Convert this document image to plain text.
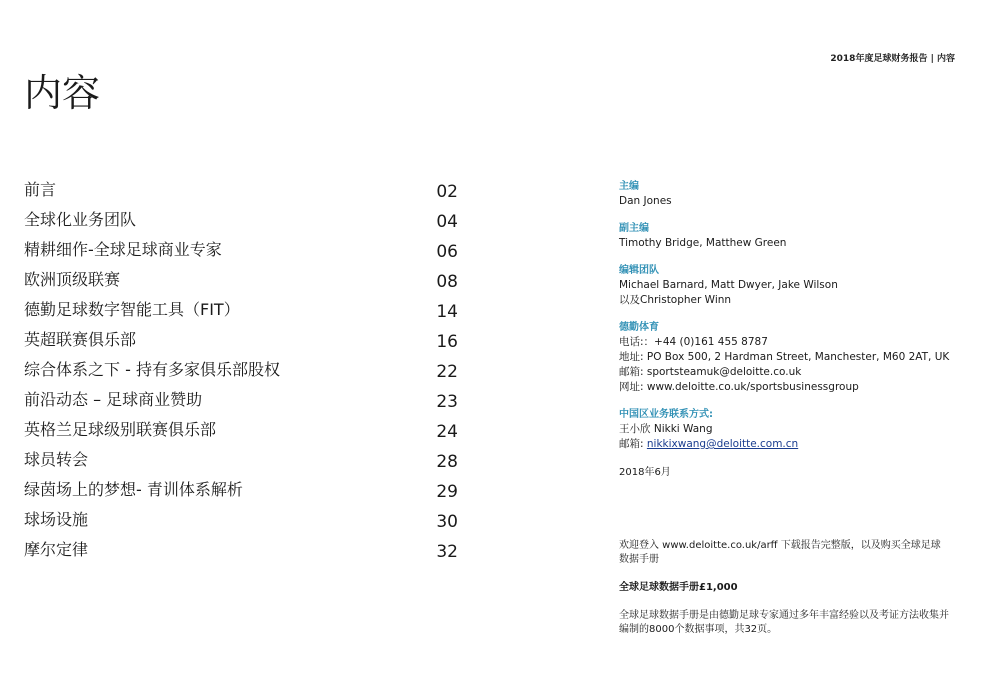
2018年度足球财务报告 | 内容
内容
前言	02
全球化业务团队	04
精耕细作-全球足球商业专家	06
欧洲顶级联赛	08
德勤足球数字智能工具（FIT）	14
英超联赛俱乐部	16
综合体系之下 - 持有多家俱乐部股权	22
前沿动态 – 足球商业赞助	23
英格兰足球级别联赛俱乐部	24
球员转会	28
绿茵场上的梦想- 青训体系解析	29
球场设施	30
摩尔定律	32
主编
Dan Jones
副主编
Timothy Bridge, Matthew Green
编辑团队
Michael Barnard, Matt Dwyer, Jake Wilson
以及Christopher Winn
德勤体育
电话:：+44 (0)161 455 8787
地址: PO Box 500, 2 Hardman Street, Manchester, M60 2AT, UK
邮箱: sportsteamuk@deloitte.co.uk
网址: www.deloitte.co.uk/sportsbusinessgroup
中国区业务联系方式:
王小欣 Nikki Wang
邮箱: nikkixwang@deloitte.com.cn
2018年6月

欢迎登入 www.deloitte.co.uk/arff 下载报告完整版，以及购买全球足球数据手册

全球足球数据手册£1,000

全球足球数据手册是由德勤足球专家通过多年丰富经验以及考证方法收集并编制的8000个数据事项，共32页。
